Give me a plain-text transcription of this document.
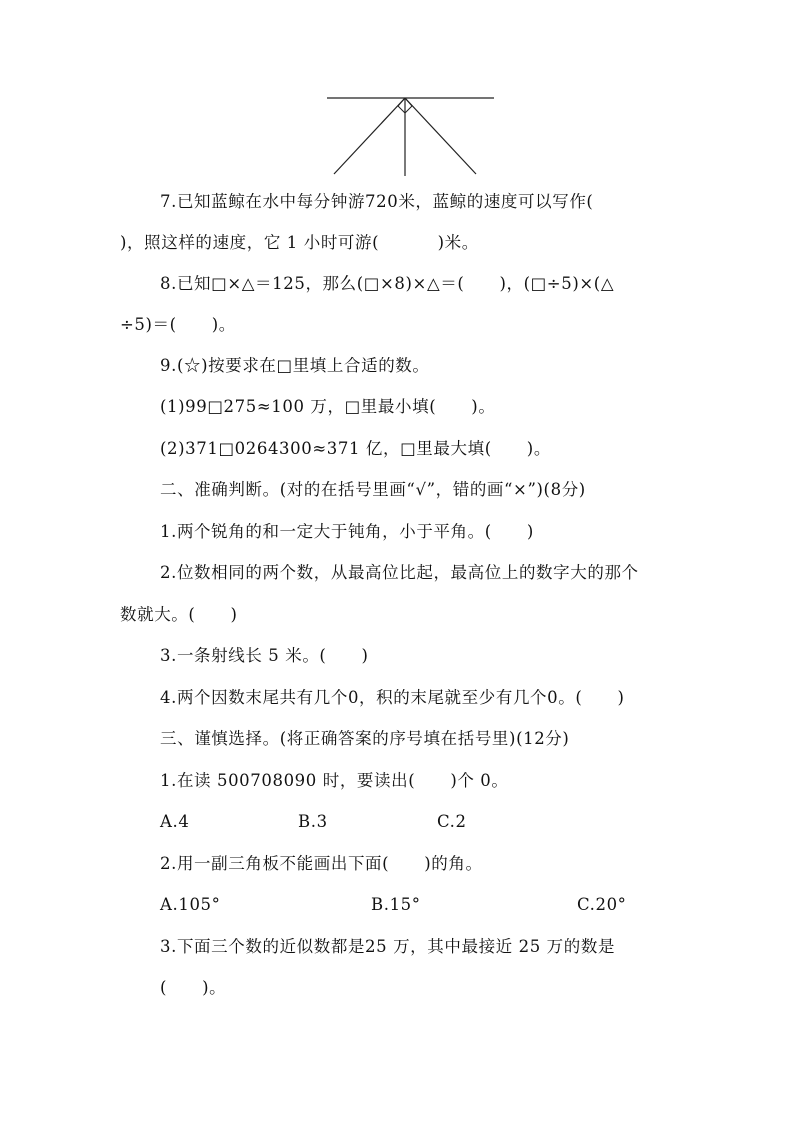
7.已知蓝鲸在水中每分钟游720米，蓝鲸的速度可以写作(
)，照这样的速度，它 1 小时可游(          )米。
8.已知□×△＝125，那么(□×8)×△＝(      )，(□÷5)×(△
÷5)＝(      )。
9.(☆)按要求在□里填上合适的数。
(1)99□275≈100 万，□里最小填(      )。
(2)371□0264300≈371 亿，□里最大填(      )。
二、准确判断。(对的在括号里画“√”，错的画“×”)(8分)
1.两个锐角的和一定大于钝角，小于平角。(      )
2.位数相同的两个数，从最高位比起，最高位上的数字大的那个
数就大。(      )
3.一条射线长 5 米。(      )
4.两个因数末尾共有几个0，积的末尾就至少有几个0。(      )
三、谨慎选择。(将正确答案的序号填在括号里)(12分)
1.在读 500708090 时，要读出(      )个 0。
A.4	B.3	C.2
2.用一副三角板不能画出下面(      )的角。
A.105°	B.15°	C.20°
3.下面三个数的近似数都是25 万，其中最接近 25 万的数是
(      )。
